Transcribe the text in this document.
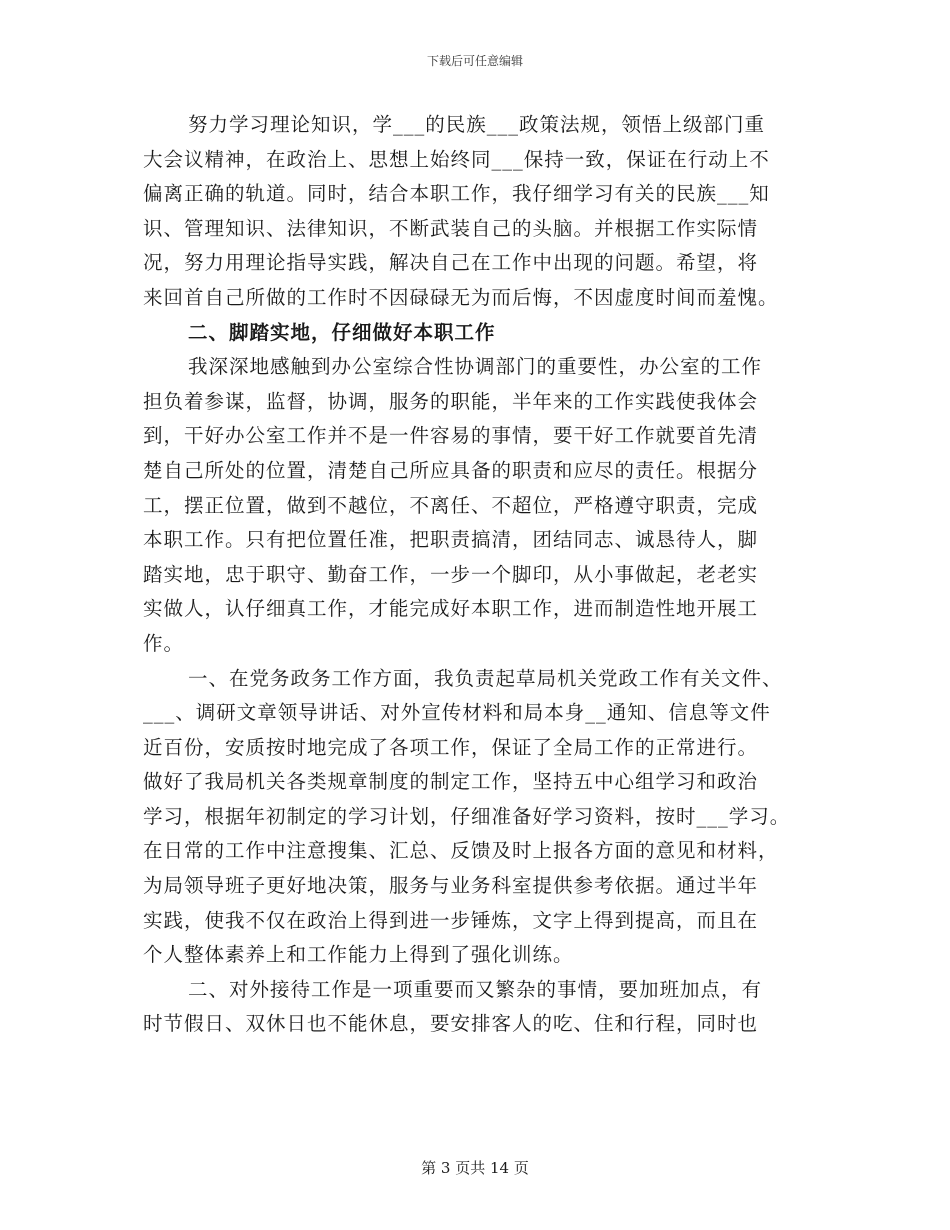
下载后可任意编辑
努力学习理论知识，学___的民族___政策法规，领悟上级部门重
大会议精神，在政治上、思想上始终同___保持一致，保证在行动上不
偏离正确的轨道。同时，结合本职工作，我仔细学习有关的民族___知
识、管理知识、法律知识，不断武装自己的头脑。并根据工作实际情
况，努力用理论指导实践，解决自己在工作中出现的问题。希望，将
来回首自己所做的工作时不因碌碌无为而后悔，不因虚度时间而羞愧。
二、脚踏实地，仔细做好本职工作
我深深地感触到办公室综合性协调部门的重要性，办公室的工作
担负着参谋，监督，协调，服务的职能，半年来的工作实践使我体会
到，干好办公室工作并不是一件容易的事情，要干好工作就要首先清
楚自己所处的位置，清楚自己所应具备的职责和应尽的责任。根据分
工，摆正位置，做到不越位，不离任、不超位，严格遵守职责，完成
本职工作。只有把位置任准，把职责搞清，团结同志、诚恳待人，脚
踏实地，忠于职守、勤奋工作，一步一个脚印，从小事做起，老老实
实做人，认仔细真工作，才能完成好本职工作，进而制造性地开展工
作。
一、在党务政务工作方面，我负责起草局机关党政工作有关文件、
___、调研文章领导讲话、对外宣传材料和局本身__通知、信息等文件
近百份，安质按时地完成了各项工作，保证了全局工作的正常进行。
做好了我局机关各类规章制度的制定工作，坚持五中心组学习和政治
学习，根据年初制定的学习计划，仔细准备好学习资料，按时___学习。
在日常的工作中注意搜集、汇总、反馈及时上报各方面的意见和材料，
为局领导班子更好地决策，服务与业务科室提供参考依据。通过半年
实践，使我不仅在政治上得到进一步锤炼，文字上得到提高，而且在
个人整体素养上和工作能力上得到了强化训练。
二、对外接待工作是一项重要而又繁杂的事情，要加班加点，有
时节假日、双休日也不能休息，要安排客人的吃、住和行程，同时也
第 3 页共 14 页
